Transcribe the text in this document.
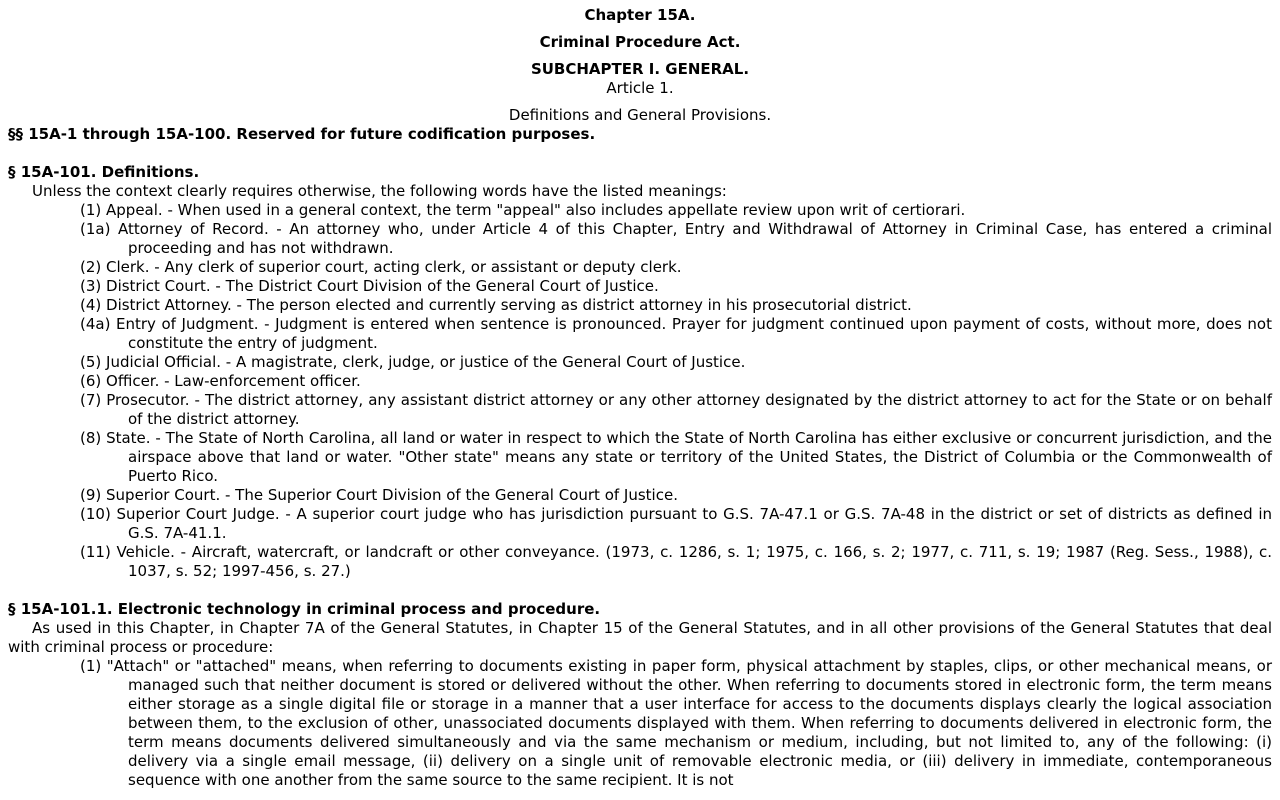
Chapter 15A.
Criminal Procedure Act.
SUBCHAPTER I. GENERAL.
Article 1.
Definitions and General Provisions.
§§ 15A-1 through 15A-100. Reserved for future codification purposes.
§ 15A-101. Definitions.
Unless the context clearly requires otherwise, the following words have the listed meanings:
(1) Appeal. - When used in a general context, the term "appeal" also includes appellate review upon writ of certiorari.
(1a) Attorney of Record. - An attorney who, under Article 4 of this Chapter, Entry and Withdrawal of Attorney in Criminal Case, has entered a criminal proceeding and has not withdrawn.
(2) Clerk. - Any clerk of superior court, acting clerk, or assistant or deputy clerk.
(3) District Court. - The District Court Division of the General Court of Justice.
(4) District Attorney. - The person elected and currently serving as district attorney in his prosecutorial district.
(4a) Entry of Judgment. - Judgment is entered when sentence is pronounced. Prayer for judgment continued upon payment of costs, without more, does not constitute the entry of judgment.
(5) Judicial Official. - A magistrate, clerk, judge, or justice of the General Court of Justice.
(6) Officer. - Law-enforcement officer.
(7) Prosecutor. - The district attorney, any assistant district attorney or any other attorney designated by the district attorney to act for the State or on behalf of the district attorney.
(8) State. - The State of North Carolina, all land or water in respect to which the State of North Carolina has either exclusive or concurrent jurisdiction, and the airspace above that land or water. "Other state" means any state or territory of the United States, the District of Columbia or the Commonwealth of Puerto Rico.
(9) Superior Court. - The Superior Court Division of the General Court of Justice.
(10) Superior Court Judge. - A superior court judge who has jurisdiction pursuant to G.S. 7A-47.1 or G.S. 7A-48 in the district or set of districts as defined in G.S. 7A-41.1.
(11) Vehicle. - Aircraft, watercraft, or landcraft or other conveyance. (1973, c. 1286, s. 1; 1975, c. 166, s. 2; 1977, c. 711, s. 19; 1987 (Reg. Sess., 1988), c. 1037, s. 52; 1997-456, s. 27.)
§ 15A-101.1. Electronic technology in criminal process and procedure.
As used in this Chapter, in Chapter 7A of the General Statutes, in Chapter 15 of the General Statutes, and in all other provisions of the General Statutes that deal with criminal process or procedure:
(1) "Attach" or "attached" means, when referring to documents existing in paper form, physical attachment by staples, clips, or other mechanical means, or managed such that neither document is stored or delivered without the other. When referring to documents stored in electronic form, the term means either storage as a single digital file or storage in a manner that a user interface for access to the documents displays clearly the logical association between them, to the exclusion of other, unassociated documents displayed with them. When referring to documents delivered in electronic form, the term means documents delivered simultaneously and via the same mechanism or medium, including, but not limited to, any of the following: (i) delivery via a single email message, (ii) delivery on a single unit of removable electronic media, or (iii) delivery in immediate, contemporaneous sequence with one another from the same source to the same recipient. It is not
